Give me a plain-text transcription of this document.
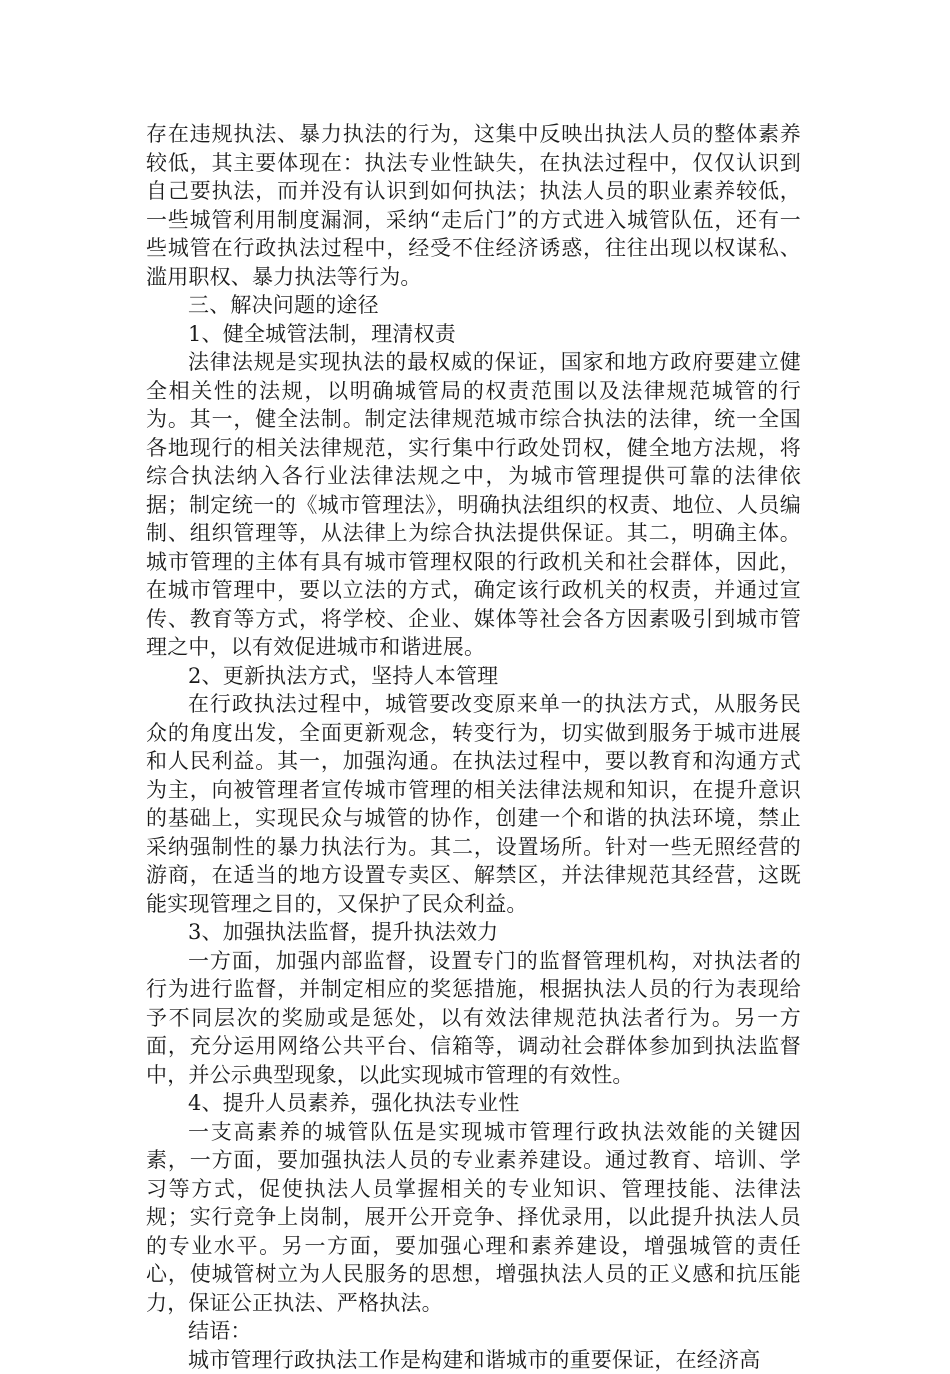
存在违规执法、暴力执法的行为，这集中反映出执法人员的整体素养较低，其主要体现在：执法专业性缺失，在执法过程中，仅仅认识到自己要执法，而并没有认识到如何执法；执法人员的职业素养较低，一些城管利用制度漏洞，采纳“走后门”的方式进入城管队伍，还有一些城管在行政执法过程中，经受不住经济诱惑，往往出现以权谋私、滥用职权、暴力执法等行为。

三、解决问题的途径

1、健全城管法制，理清权责

法律法规是实现执法的最权威的保证，国家和地方政府要建立健全相关性的法规，以明确城管局的权责范围以及法律规范城管的行为。其一，健全法制。制定法律规范城市综合执法的法律，统一全国各地现行的相关法律规范，实行集中行政处罚权，健全地方法规，将综合执法纳入各行业法律法规之中，为城市管理提供可靠的法律依据；制定统一的《城市管理法》，明确执法组织的权责、地位、人员编制、组织管理等，从法律上为综合执法提供保证。其二，明确主体。城市管理的主体有具有城市管理权限的行政机关和社会群体，因此，在城市管理中，要以立法的方式，确定该行政机关的权责，并通过宣传、教育等方式，将学校、企业、媒体等社会各方因素吸引到城市管理之中，以有效促进城市和谐进展。

2、更新执法方式，坚持人本管理

在行政执法过程中，城管要改变原来单一的执法方式，从服务民众的角度出发，全面更新观念，转变行为，切实做到服务于城市进展和人民利益。其一，加强沟通。在执法过程中，要以教育和沟通方式为主，向被管理者宣传城市管理的相关法律法规和知识，在提升意识的基础上，实现民众与城管的协作，创建一个和谐的执法环境，禁止采纳强制性的暴力执法行为。其二，设置场所。针对一些无照经营的游商，在适当的地方设置专卖区、解禁区，并法律规范其经营，这既能实现管理之目的，又保护了民众利益。

3、加强执法监督，提升执法效力

一方面，加强内部监督，设置专门的监督管理机构，对执法者的行为进行监督，并制定相应的奖惩措施，根据执法人员的行为表现给予不同层次的奖励或是惩处，以有效法律规范执法者行为。另一方面，充分运用网络公共平台、信箱等，调动社会群体参加到执法监督中，并公示典型现象，以此实现城市管理的有效性。

4、提升人员素养，强化执法专业性

一支高素养的城管队伍是实现城市管理行政执法效能的关键因素，一方面，要加强执法人员的专业素养建设。通过教育、培训、学习等方式，促使执法人员掌握相关的专业知识、管理技能、法律法规；实行竞争上岗制，展开公开竞争、择优录用，以此提升执法人员的专业水平。另一方面，要加强心理和素养建设，增强城管的责任心，使城管树立为人民服务的思想，增强执法人员的正义感和抗压能力，保证公正执法、严格执法。

结语：

城市管理行政执法工作是构建和谐城市的重要保证，在经济高
